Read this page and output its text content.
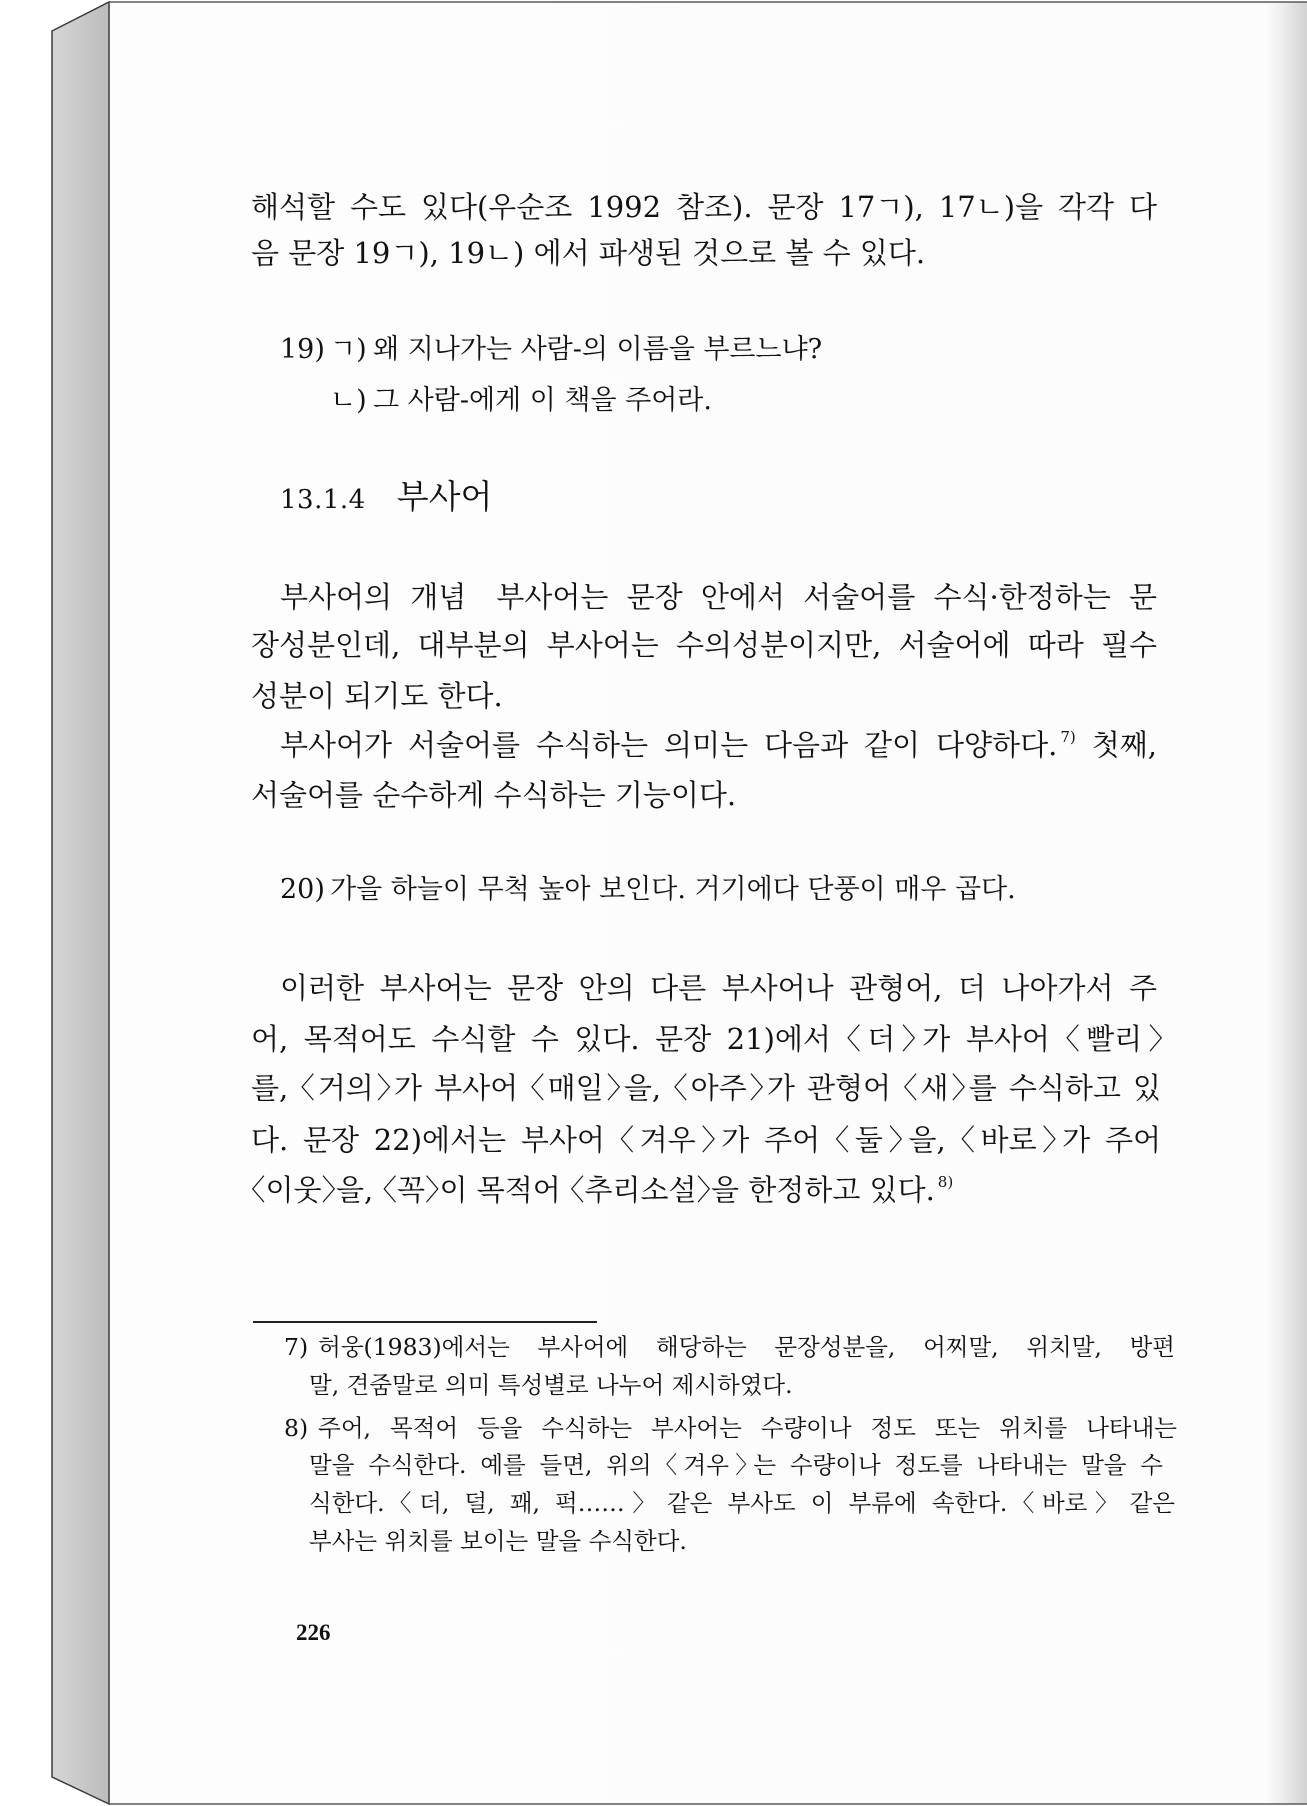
해석할 수도 있다(우순조 1992 참조). 문장 17ㄱ), 17ㄴ)을 각각 다
음 문장 19ㄱ), 19ㄴ) 에서 파생된 것으로 볼 수 있다.
19) ㄱ) 왜 지나가는 사람-의 이름을 부르느냐?
ㄴ) 그 사람-에게 이 책을 주어라.
13.1.4 부사어
부사어의 개념 부사어는 문장 안에서 서술어를 수식·한정하는 문
장성분인데, 대부분의 부사어는 수의성분이지만, 서술어에 따라 필수
성분이 되기도 한다.
부사어가 서술어를 수식하는 의미는 다음과 같이 다양하다. $^{7)}$ 첫째,
서술어를 순수하게 수식하는 기능이다.
20) 가을 하늘이 무척 높아 보인다. 거기에다 단풍이 매우 곱다.
이러한 부사어는 문장 안의 다른 부사어나 관형어, 더 나아가서 주
어, 목적어도 수식할 수 있다. 문장 21)에서 〈더〉가 부사어 〈빨리〉
를, 〈거의〉가 부사어 〈매일〉을, 〈아주〉가 관형어 〈새〉를 수식하고 있
다. 문장 22)에서는 부사어 〈겨우〉가 주어 〈둘〉을, 〈바로〉가 주어
〈이웃〉을, 〈꼭〉이 목적어 〈추리소설〉을 한정하고 있다. $^{8)}$
7) 허웅(1983)에서는 부사어에 해당하는 문장성분을, 어찌말, 위치말, 방편
말, 견줌말로 의미 특성별로 나누어 제시하였다.
8) 주어, 목적어 등을 수식하는 부사어는 수량이나 정도 또는 위치를 나타내는
말을 수식한다. 예를 들면, 위의 〈겨우〉는 수량이나 정도를 나타내는 말을 수
식한다. 〈더, 덜, 꽤, 퍽……〉 같은 부사도 이 부류에 속한다. 〈바로〉 같은
부사는 위치를 보이는 말을 수식한다.
226
